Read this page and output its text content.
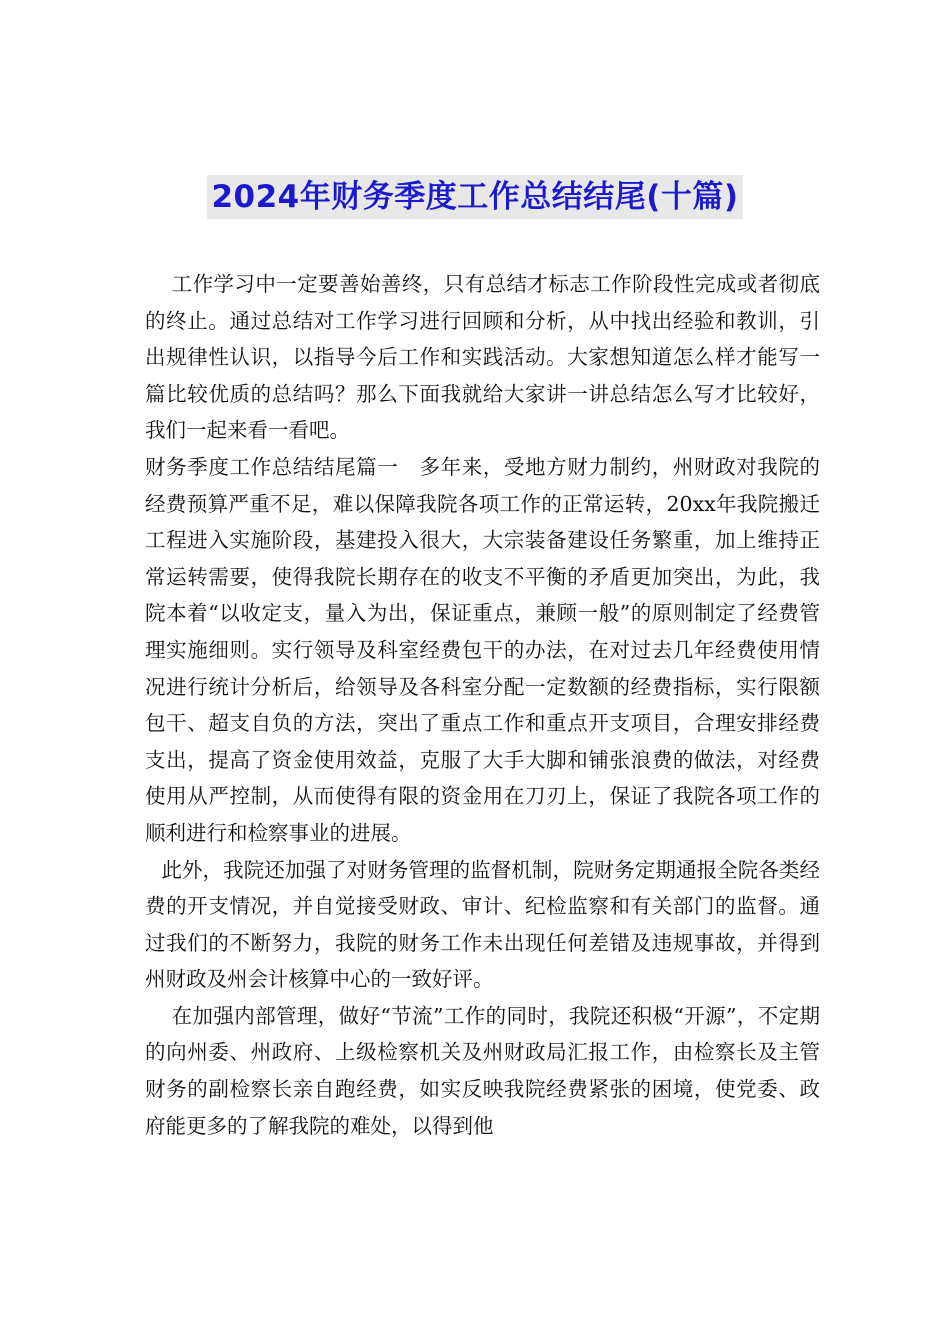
2024年财务季度工作总结结尾(十篇)

工作学习中一定要善始善终，只有总结才标志工作阶段性完成或者彻底的终止。通过总结对工作学习进行回顾和分析，从中找出经验和教训，引出规律性认识，以指导今后工作和实践活动。大家想知道怎么样才能写一篇比较优质的总结吗？那么下面我就给大家讲一讲总结怎么写才比较好，我们一起来看一看吧。

财务季度工作总结结尾篇一　多年来，受地方财力制约，州财政对我院的经费预算严重不足，难以保障我院各项工作的正常运转，20xx年我院搬迁工程进入实施阶段，基建投入很大，大宗装备建设任务繁重，加上维持正常运转需要，使得我院长期存在的收支不平衡的矛盾更加突出，为此，我院本着“以收定支，量入为出，保证重点，兼顾一般”的原则制定了经费管理实施细则。实行领导及科室经费包干的办法，在对过去几年经费使用情况进行统计分析后，给领导及各科室分配一定数额的经费指标，实行限额包干、超支自负的方法，突出了重点工作和重点开支项目，合理安排经费支出，提高了资金使用效益，克服了大手大脚和铺张浪费的做法，对经费使用从严控制，从而使得有限的资金用在刀刃上，保证了我院各项工作的顺利进行和检察事业的进展。

此外，我院还加强了对财务管理的监督机制，院财务定期通报全院各类经费的开支情况，并自觉接受财政、审计、纪检监察和有关部门的监督。通过我们的不断努力，我院的财务工作未出现任何差错及违规事故，并得到州财政及州会计核算中心的一致好评。

在加强内部管理，做好“节流”工作的同时，我院还积极“开源”，不定期的向州委、州政府、上级检察机关及州财政局汇报工作，由检察长及主管财务的副检察长亲自跑经费，如实反映我院经费紧张的困境，使党委、政府能更多的了解我院的难处，以得到他
